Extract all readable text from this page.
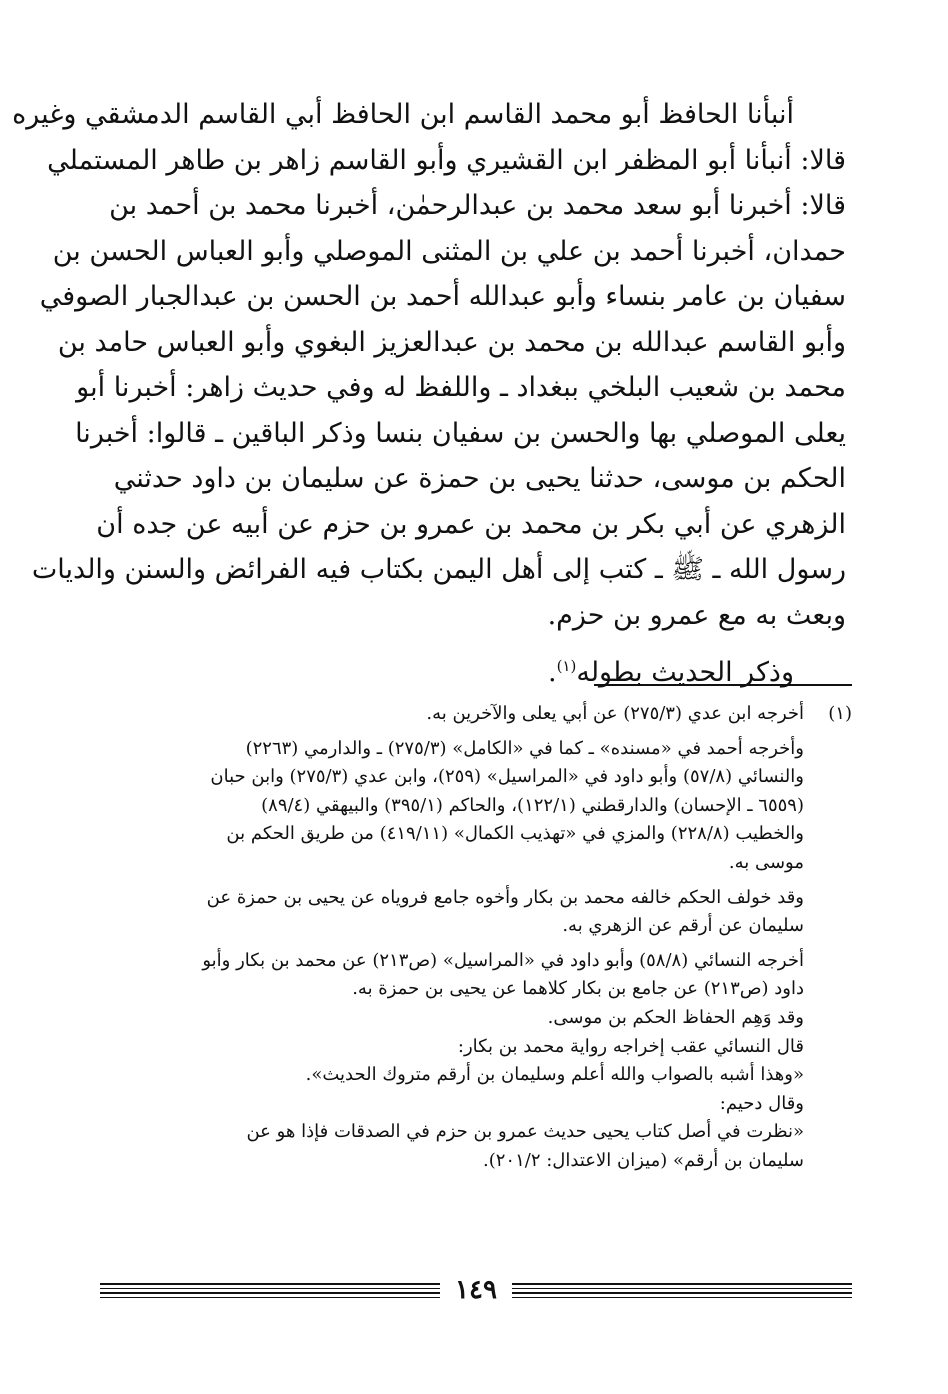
أنبأنا الحافظ أبو محمد القاسم ابن الحافظ أبي القاسم الدمشقي وغيره
قالا: أنبأنا أبو المظفر ابن القشيري وأبو القاسم زاهر بن طاهر المستملي
قالا: أخبرنا أبو سعد محمد بن عبدالرحمٰن، أخبرنا محمد بن أحمد بن
حمدان، أخبرنا أحمد بن علي بن المثنى الموصلي وأبو العباس الحسن بن
سفيان بن عامر بنساء وأبو عبدالله أحمد بن الحسن بن عبدالجبار الصوفي
وأبو القاسم عبدالله بن محمد بن عبدالعزيز البغوي وأبو العباس حامد بن
محمد بن شعيب البلخي ببغداد ـ واللفظ له وفي حديث زاهر: أخبرنا أبو
يعلى الموصلي بها والحسن بن سفيان بنسا وذكر الباقين ـ قالوا: أخبرنا
الحكم بن موسى، حدثنا يحيى بن حمزة عن سليمان بن داود حدثني
الزهري عن أبي بكر بن محمد بن عمرو بن حزم عن أبيه عن جده أن
رسول الله ـ ﷺ ـ كتب إلى أهل اليمن بكتاب فيه الفرائض والسنن والديات
وبعث به مع عمرو بن حزم.
وذكر الحديث بطوله$^{(١)}$.
(١)
أخرجه ابن عدي (٢٧٥/٣) عن أبي يعلى والآخرين به.
وأخرجه أحمد في «مسنده» ـ كما في «الكامل» (٢٧٥/٣) ـ والدارمي (٢٢٦٣)
والنسائي (٥٧/٨) وأبو داود في «المراسيل» (٢٥٩)، وابن عدي (٢٧٥/٣) وابن حبان
(٦٥٥٩ ـ الإحسان) والدارقطني (١٢٢/١)، والحاكم (٣٩٥/١) والبيهقي (٨٩/٤)
والخطيب (٢٢٨/٨) والمزي في «تهذيب الكمال» (٤١٩/١١) من طريق الحكم بن
موسى به.
وقد خولف الحكم خالفه محمد بن بكار وأخوه جامع فروياه عن يحيى بن حمزة عن
سليمان عن أرقم عن الزهري به.
أخرجه النسائي (٥٨/٨) وأبو داود في «المراسيل» (ص٢١٣) عن محمد بن بكار وأبو
داود (ص٢١٣) عن جامع بن بكار كلاهما عن يحيى بن حمزة به.
وقد وَهِم الحفاظ الحكم بن موسى.
قال النسائي عقب إخراجه رواية محمد بن بكار:
«وهذا أشبه بالصواب والله أعلم وسليمان بن أرقم متروك الحديث».
وقال دحيم:
«نظرت في أصل كتاب يحيى حديث عمرو بن حزم في الصدقات فإذا هو عن
سليمان بن أرقم» (ميزان الاعتدال: ٢٠١/٢).
١٤٩
